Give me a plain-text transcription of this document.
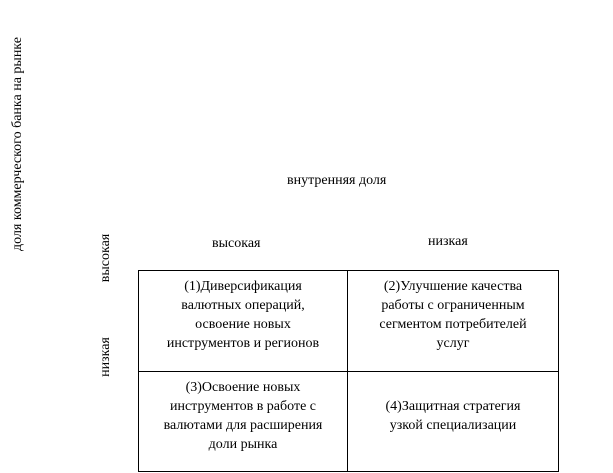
доля коммерческого банка на рынке	внутренняя доля
высокая	низкая
высокая
низкая
(1)Диверсификация
валютных операций,
освоение новых
инструментов и регионов
(2)Улучшение качества
работы с ограниченным
сегментом потребителей
услуг
(3)Освоение новых
инструментов в работе с
валютами для расширения
доли рынка
(4)Защитная стратегия
узкой специализации
